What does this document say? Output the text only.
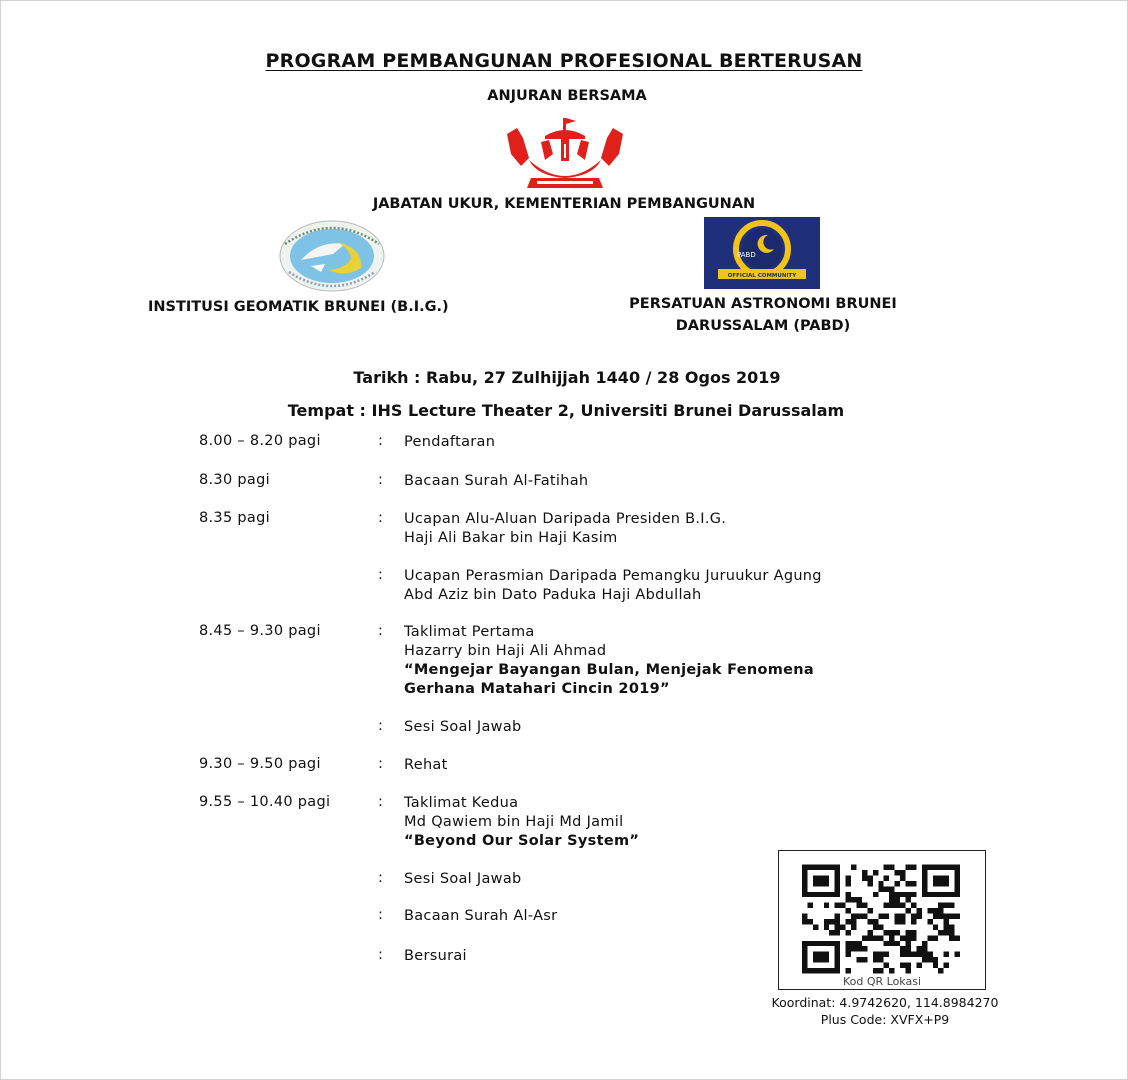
PROGRAM PEMBANGUNAN PROFESIONAL BERTERUSAN
ANJURAN BERSAMA
JABATAN UKUR, KEMENTERIAN PEMBANGUNAN
PABD
OFFICIAL COMMUNITY
INSTITUSI GEOMATIK BRUNEI (B.I.G.)	PERSATUAN ASTRONOMI BRUNEI
DARUSSALAM (PABD)
Tarikh : Rabu, 27 Zulhijjah 1440 / 28 Ogos 2019
Tempat : IHS Lecture Theater 2, Universiti Brunei Darussalam
8.00 – 8.20 pagi	: Pendaftaran
8.30 pagi	: Bacaan Surah Al-Fatihah
8.35 pagi	: Ucapan Alu-Aluan Daripada Presiden B.I.G.
Haji Ali Bakar bin Haji Kasim
: Ucapan Perasmian Daripada Pemangku Juruukur Agung
Abd Aziz bin Dato Paduka Haji Abdullah
8.45 – 9.30 pagi	: Taklimat Pertama
Hazarry bin Haji Ali Ahmad
“Mengejar Bayangan Bulan, Menjejak Fenomena
Gerhana Matahari Cincin 2019”
: Sesi Soal Jawab
9.30 – 9.50 pagi	: Rehat
9.55 – 10.40 pagi	: Taklimat Kedua
Md Qawiem bin Haji Md Jamil
“Beyond Our Solar System”
: Sesi Soal Jawab
: Bacaan Surah Al-Asr
: Bersurai
Kod QR Lokasi
Koordinat: 4.9742620, 114.8984270
Plus Code: XVFX+P9
